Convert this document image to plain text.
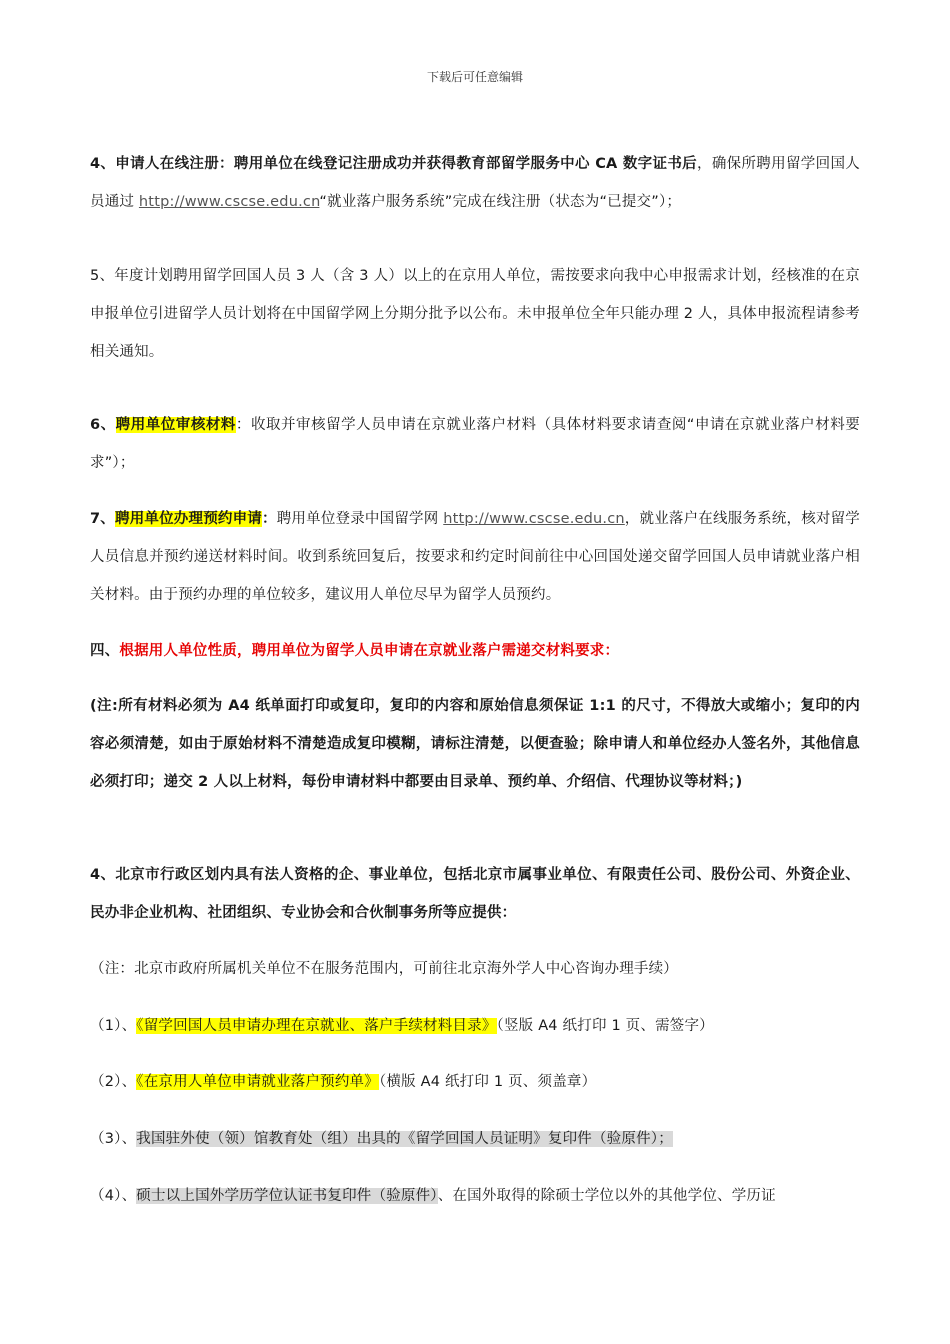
下载后可任意编辑

4、申请人在线注册：聘用单位在线登记注册成功并获得教育部留学服务中心 CA 数字证书后，确保所聘用留学回国人员通过 http://www.cscse.edu.cn“就业落户服务系统”完成在线注册（状态为“已提交”）；

5、年度计划聘用留学回国人员 3 人（含 3 人）以上的在京用人单位，需按要求向我中心申报需求计划，经核准的在京申报单位引进留学人员计划将在中国留学网上分期分批予以公布。未申报单位全年只能办理 2 人，具体申报流程请参考相关通知。

6、聘用单位审核材料：收取并审核留学人员申请在京就业落户材料（具体材料要求请查阅“申请在京就业落户材料要求”）；

7、聘用单位办理预约申请：聘用单位登录中国留学网 http://www.cscse.edu.cn，就业落户在线服务系统，核对留学人员信息并预约递送材料时间。收到系统回复后，按要求和约定时间前往中心回国处递交留学回国人员申请就业落户相关材料。由于预约办理的单位较多，建议用人单位尽早为留学人员预约。

四、根据用人单位性质，聘用单位为留学人员申请在京就业落户需递交材料要求：

(注:所有材料必须为 A4 纸单面打印或复印，复印的内容和原始信息须保证 1:1 的尺寸，不得放大或缩小；复印的内容必须清楚，如由于原始材料不清楚造成复印模糊，请标注清楚，以便查验；除申请人和单位经办人签名外，其他信息必须打印；递交 2 人以上材料，每份申请材料中都要由目录单、预约单、介绍信、代理协议等材料；)

4、北京市行政区划内具有法人资格的企、事业单位，包括北京市属事业单位、有限责任公司、股份公司、外资企业、民办非企业机构、社团组织、专业协会和合伙制事务所等应提供：

（注：北京市政府所属机关单位不在服务范围内，可前往北京海外学人中心咨询办理手续）

（1）、《留学回国人员申请办理在京就业、落户手续材料目录》（竖版 A4 纸打印 1 页、需签字）

（2）、《在京用人单位申请就业落户预约单》（横版 A4 纸打印 1 页、须盖章）

（3）、我国驻外使（领）馆教育处（组）出具的《留学回国人员证明》复印件（验原件）；

（4）、硕士以上国外学历学位认证书复印件（验原件）、在国外取得的除硕士学位以外的其他学位、学历证
